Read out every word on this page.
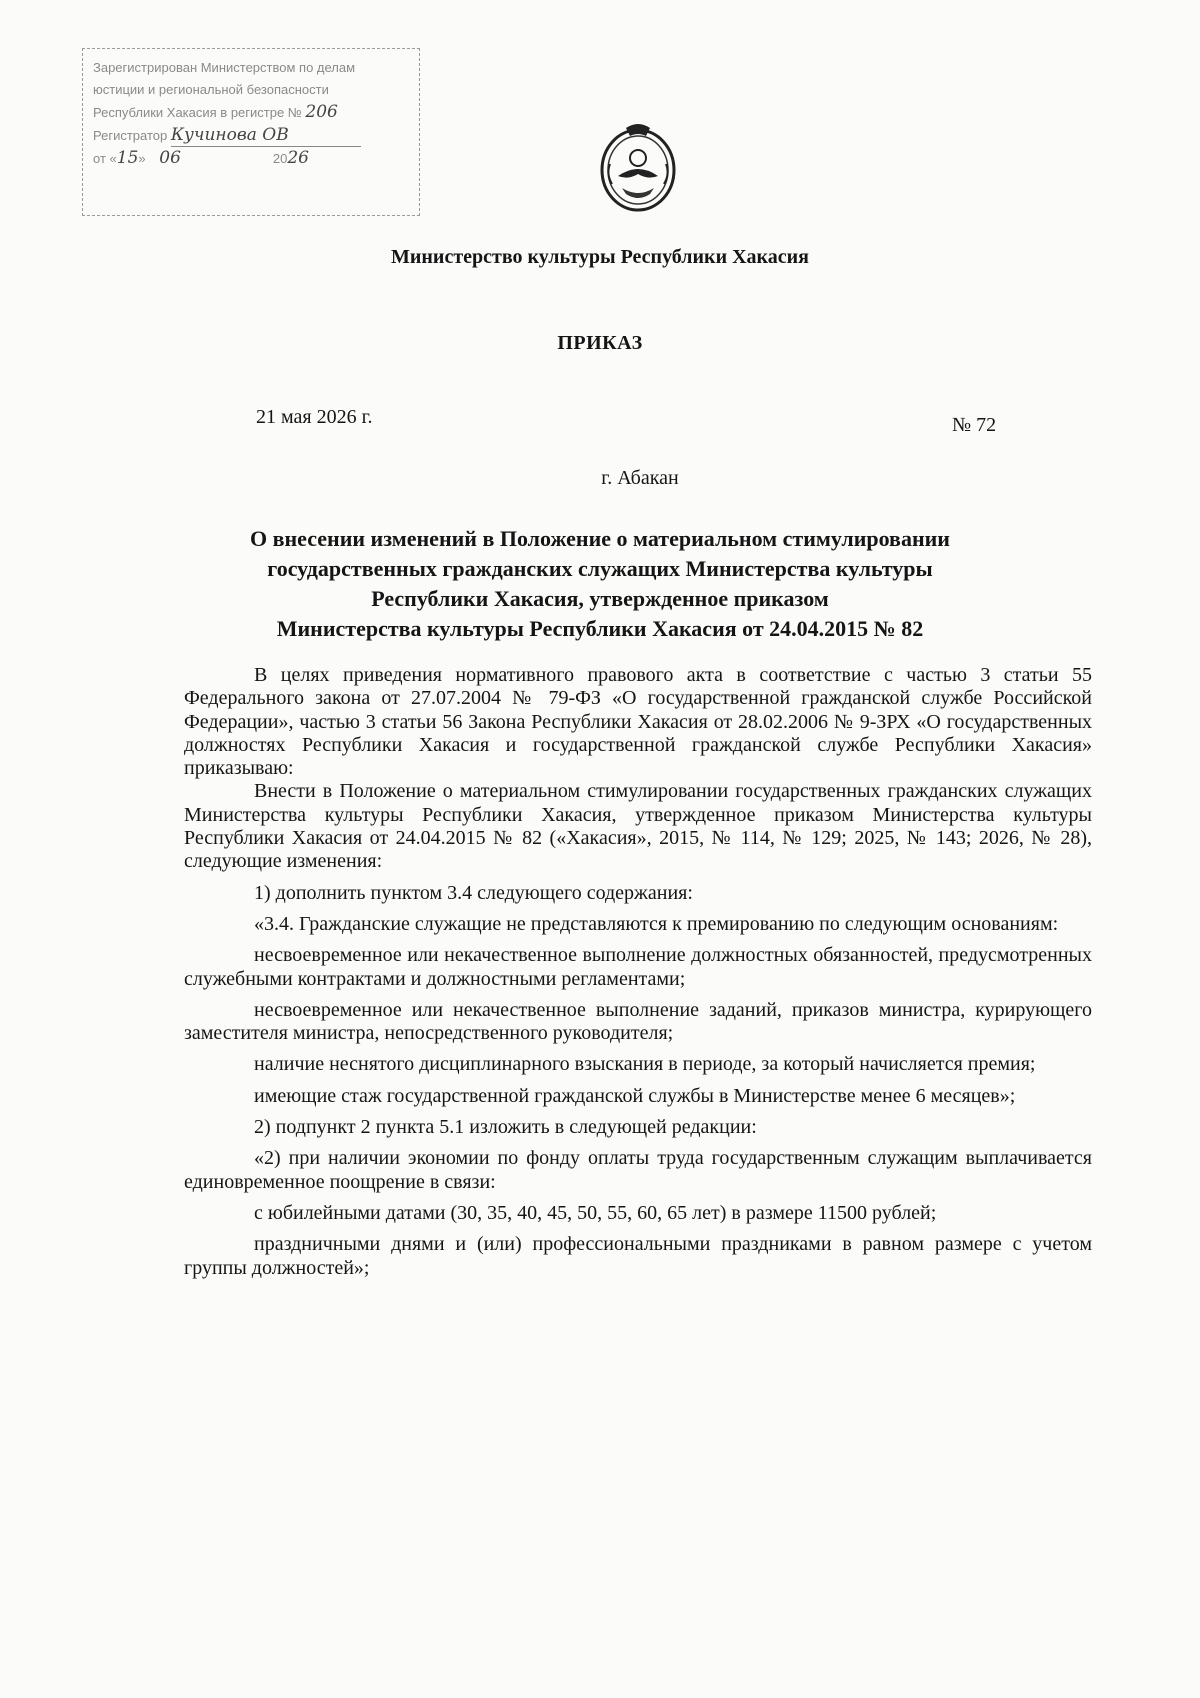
Зарегистрирован Министерством по делам
юстиции и региональной безопасности
Республики Хакасия в регистре № 206
Регистратор Кучинова ОВ
от «15» 06	2026
Министерство культуры Республики Хакасия
ПРИКАЗ
21 мая 2026 г.	№ 72
г. Абакан
О внесении изменений в Положение о материальном стимулировании
государственных гражданских служащих Министерства культуры
Республики Хакасия, утвержденное приказом
Министерства культуры Республики Хакасия от 24.04.2015 № 82

В целях приведения нормативного правового акта в соответствие с частью 3 статьи 55 Федерального закона от 27.07.2004 № 79-ФЗ «О государственной гражданской службе Российской Федерации», частью 3 статьи 56 Закона Республики Хакасия от 28.02.2006 № 9-ЗРХ «О государственных должностях Республики Хакасия и государственной гражданской службе Республики Хакасия» приказываю:

Внести в Положение о материальном стимулировании государственных гражданских служащих Министерства культуры Республики Хакасия, утвержденное приказом Министерства культуры Республики Хакасия от 24.04.2015 № 82 («Хакасия», 2015, № 114, № 129; 2025, № 143; 2026, № 28), следующие изменения:

1) дополнить пунктом 3.4 следующего содержания:

«3.4. Гражданские служащие не представляются к премированию по следующим основаниям:

несвоевременное или некачественное выполнение должностных обязанностей, предусмотренных служебными контрактами и должностными регламентами;

несвоевременное или некачественное выполнение заданий, приказов министра, курирующего заместителя министра, непосредственного руководителя;

наличие неснятого дисциплинарного взыскания в периоде, за который начисляется премия;

имеющие стаж государственной гражданской службы в Министерстве менее 6 месяцев»;

2) подпункт 2 пункта 5.1 изложить в следующей редакции:

«2) при наличии экономии по фонду оплаты труда государственным служащим выплачивается единовременное поощрение в связи:

с юбилейными датами (30, 35, 40, 45, 50, 55, 60, 65 лет) в размере 11500 рублей;

праздничными днями и (или) профессиональными праздниками в равном размере с учетом группы должностей»;
